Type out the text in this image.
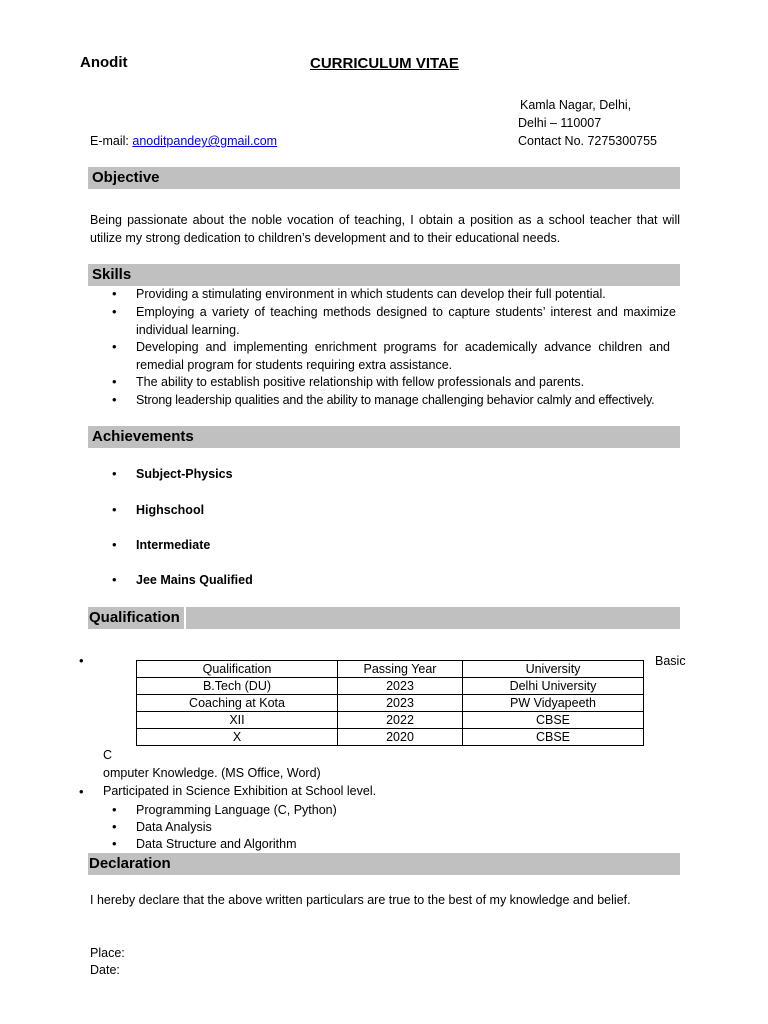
Anodit	CURRICULUM VITAE
Kamla Nagar, Delhi,
Delhi – 110007
E-mail: anoditpandey@gmail.com	Contact No. 7275300755
Objective
Being passionate about the noble vocation of teaching, I obtain a position as a school teacher that will utilize my strong dedication to children’s development and to their educational needs.
Skills
• Providing a stimulating environment in which students can develop their full potential.
• Employing a variety of teaching methods designed to capture students’ interest and maximize individual learning.
• Developing and implementing enrichment programs for academically advance children and remedial program for students requiring extra assistance.
• The ability to establish positive relationship with fellow professionals and parents.
• Strong leadership qualities and the ability to manage challenging behavior calmly and effectively.
Achievements
• Subject-Physics
• Highschool
• Intermediate
• Jee Mains Qualified
Qualification
•	Basic
Qualification	Passing Year	University
B.Tech (DU)	2023	Delhi University
Coaching at Kota	2023	PW Vidyapeeth
XII	2022	CBSE
X	2020	CBSE
C
omputer Knowledge. (MS Office, Word)
• Participated in Science Exhibition at School level.
• Programming Language (C, Python)
• Data Analysis
• Data Structure and Algorithm
Declaration
I hereby declare that the above written particulars are true to the best of my knowledge and belief.
Place:
Date:
